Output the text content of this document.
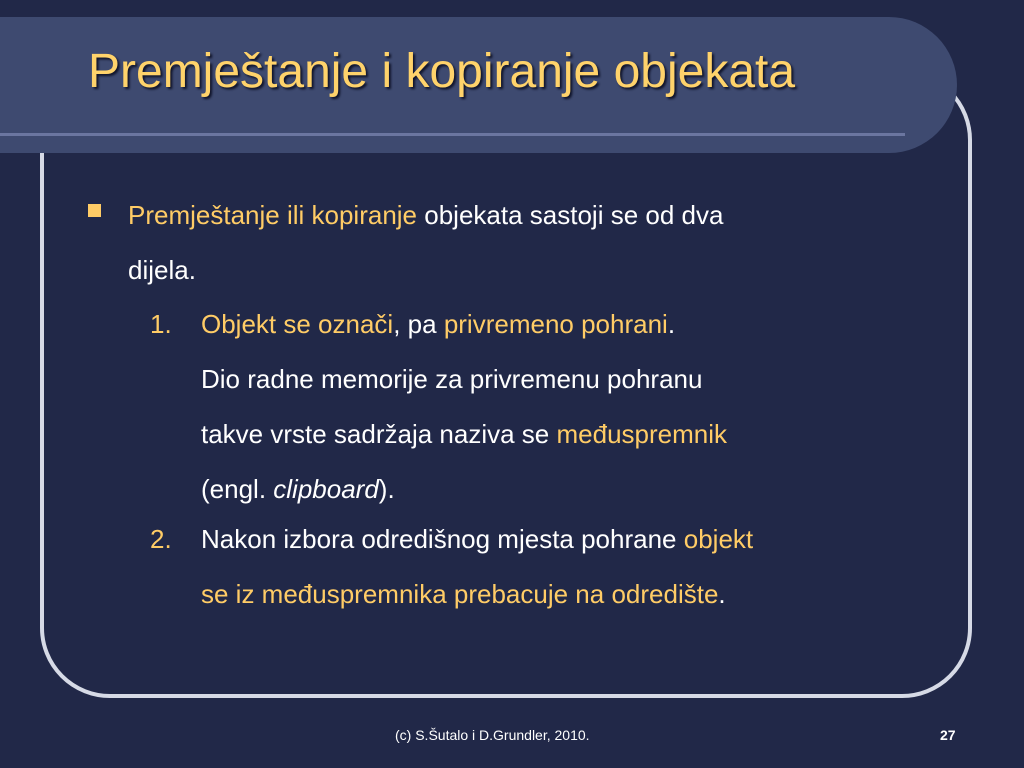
Premještanje i kopiranje objekata
Premještanje ili kopiranje objekata sastoji se od dva
dijela.
1. Objekt se označi, pa privremeno pohrani.
Dio radne memorije za privremenu pohranu
takve vrste sadržaja naziva se međuspremnik
(engl. clipboard).
2. Nakon izbora odredišnog mjesta pohrane objekt
se iz međuspremnika prebacuje na odredište.
(c) S.Šutalo i D.Grundler, 2010.	27
